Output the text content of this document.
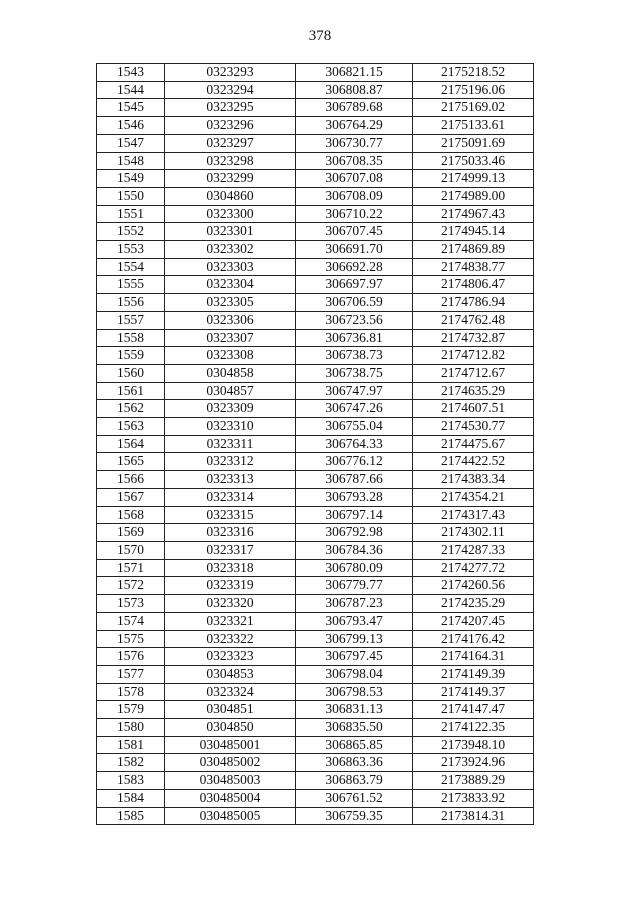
378
1543	0323293	306821.15	2175218.52
1544	0323294	306808.87	2175196.06
1545	0323295	306789.68	2175169.02
1546	0323296	306764.29	2175133.61
1547	0323297	306730.77	2175091.69
1548	0323298	306708.35	2175033.46
1549	0323299	306707.08	2174999.13
1550	0304860	306708.09	2174989.00
1551	0323300	306710.22	2174967.43
1552	0323301	306707.45	2174945.14
1553	0323302	306691.70	2174869.89
1554	0323303	306692.28	2174838.77
1555	0323304	306697.97	2174806.47
1556	0323305	306706.59	2174786.94
1557	0323306	306723.56	2174762.48
1558	0323307	306736.81	2174732.87
1559	0323308	306738.73	2174712.82
1560	0304858	306738.75	2174712.67
1561	0304857	306747.97	2174635.29
1562	0323309	306747.26	2174607.51
1563	0323310	306755.04	2174530.77
1564	0323311	306764.33	2174475.67
1565	0323312	306776.12	2174422.52
1566	0323313	306787.66	2174383.34
1567	0323314	306793.28	2174354.21
1568	0323315	306797.14	2174317.43
1569	0323316	306792.98	2174302.11
1570	0323317	306784.36	2174287.33
1571	0323318	306780.09	2174277.72
1572	0323319	306779.77	2174260.56
1573	0323320	306787.23	2174235.29
1574	0323321	306793.47	2174207.45
1575	0323322	306799.13	2174176.42
1576	0323323	306797.45	2174164.31
1577	0304853	306798.04	2174149.39
1578	0323324	306798.53	2174149.37
1579	0304851	306831.13	2174147.47
1580	0304850	306835.50	2174122.35
1581	030485001	306865.85	2173948.10
1582	030485002	306863.36	2173924.96
1583	030485003	306863.79	2173889.29
1584	030485004	306761.52	2173833.92
1585	030485005	306759.35	2173814.31
